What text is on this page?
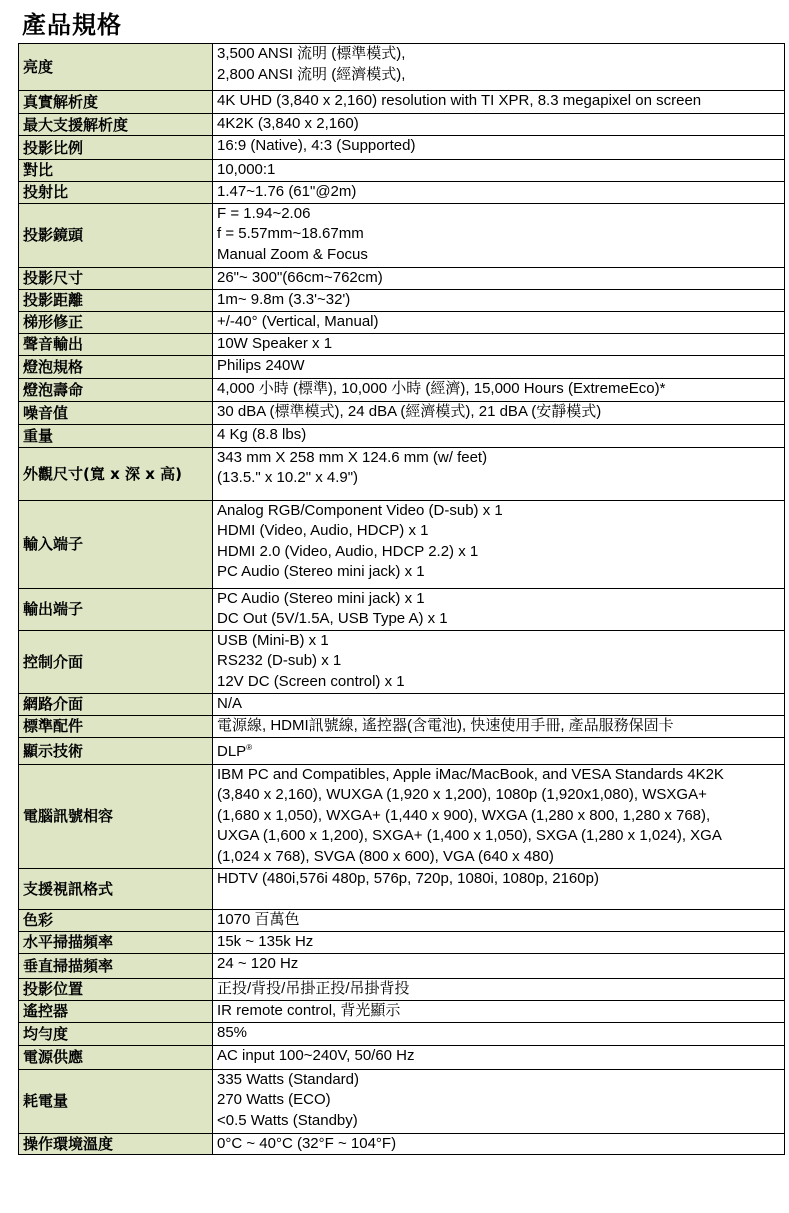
產品規格
亮度	3,500 ANSI 流明 (標準模式),
2,800 ANSI 流明 (經濟模式),

真實解析度	4K UHD (3,840 x 2,160) resolution with TI XPR, 8.3 megapixel on screen

最大支援解析度	4K2K (3,840 x 2,160)

投影比例	16:9 (Native), 4:3 (Supported)

對比	10,000:1

投射比	1.47~1.76 (61"@2m)

投影鏡頭	F = 1.94~2.06
f = 5.57mm~18.67mm
Manual Zoom & Focus

投影尺寸	26"~ 300"(66cm~762cm)

投影距離	1m~ 9.8m (3.3'~32')

梯形修正	+/-40° (Vertical, Manual)

聲音輸出	10W Speaker x 1

燈泡規格	Philips 240W

燈泡壽命	4,000 小時 (標準), 10,000 小時 (經濟), 15,000 Hours (ExtremeEco)*

噪音值	30 dBA (標準模式), 24 dBA (經濟模式), 21 dBA (安靜模式)

重量	4 Kg (8.8 lbs)

外觀尺寸(寬 x 深 x 高)	343 mm X 258 mm X 124.6 mm (w/ feet)
(13.5." x 10.2" x 4.9")

輸入端子	Analog RGB/Component Video (D-sub) x 1
HDMI (Video, Audio, HDCP) x 1
HDMI 2.0 (Video, Audio, HDCP 2.2) x 1
PC Audio (Stereo mini jack) x 1

輸出端子	PC Audio (Stereo mini jack) x 1
DC Out (5V/1.5A, USB Type A) x 1

控制介面	USB (Mini-B) x 1
RS232 (D-sub) x 1
12V DC (Screen control) x 1

網路介面	N/A

標準配件	電源線, HDMI訊號線, 遙控器(含電池), 快速使用手冊, 產品服務保固卡

顯示技術	DLP®

電腦訊號相容	IBM PC and Compatibles, Apple iMac/MacBook, and VESA Standards 4K2K
(3,840 x 2,160), WUXGA (1,920 x 1,200), 1080p (1,920x1,080), WSXGA+
(1,680 x 1,050), WXGA+ (1,440 x 900), WXGA (1,280 x 800, 1,280 x 768),
UXGA (1,600 x 1,200), SXGA+ (1,400 x 1,050), SXGA (1,280 x 1,024), XGA
(1,024 x 768), SVGA (800 x 600), VGA (640 x 480)

支援視訊格式	HDTV (480i,576i 480p, 576p, 720p, 1080i, 1080p, 2160p)

色彩	1070 百萬色

水平掃描頻率	15k ~ 135k Hz

垂直掃描頻率	24 ~ 120 Hz

投影位置	正投/背投/吊掛正投/吊掛背投

遙控器	IR remote control, 背光顯示

均勻度	85%

電源供應	AC input 100~240V, 50/60 Hz

耗電量	335 Watts (Standard)
270 Watts (ECO)
<0.5 Watts (Standby)

操作環境溫度	0°C ~ 40°C (32°F ~ 104°F)
